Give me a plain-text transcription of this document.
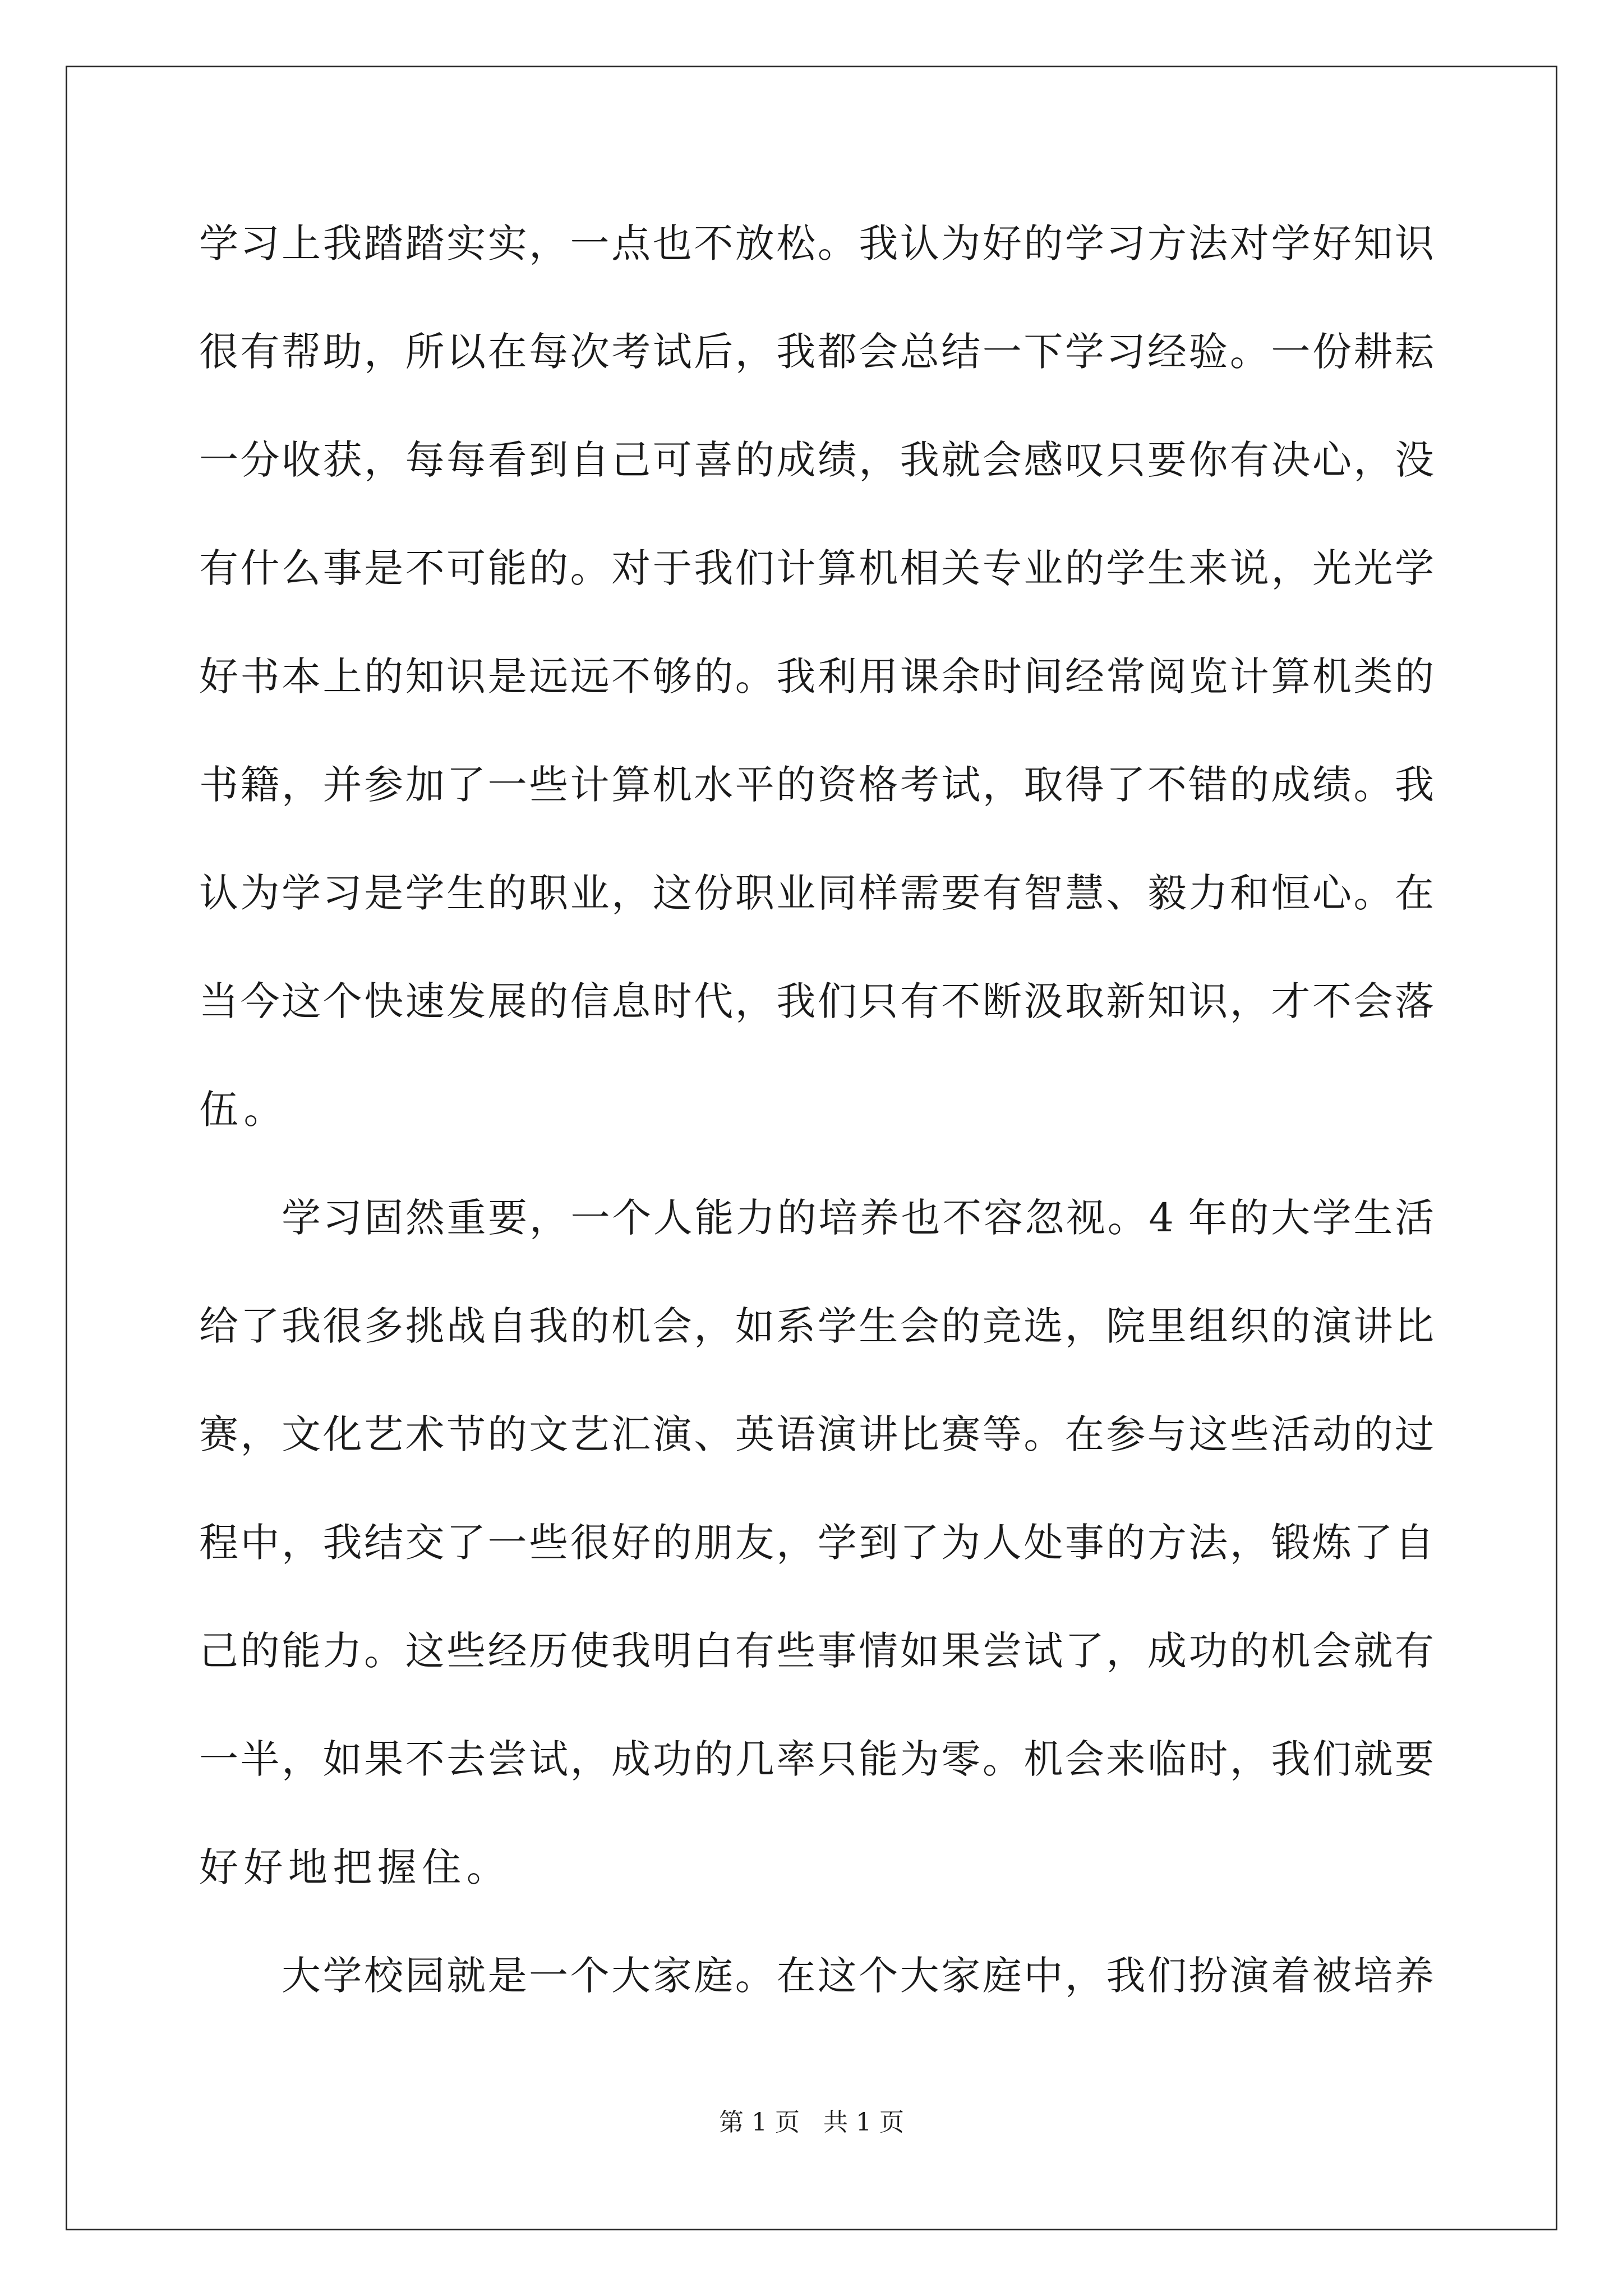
学习上我踏踏实实，一点也不放松。我认为好的学习方法对学好知识
很有帮助，所以在每次考试后，我都会总结一下学习经验。一份耕耘
一分收获，每每看到自己可喜的成绩，我就会感叹只要你有决心，没
有什么事是不可能的。对于我们计算机相关专业的学生来说，光光学
好书本上的知识是远远不够的。我利用课余时间经常阅览计算机类的
书籍，并参加了一些计算机水平的资格考试，取得了不错的成绩。我
认为学习是学生的职业，这份职业同样需要有智慧、毅力和恒心。在
当今这个快速发展的信息时代，我们只有不断汲取新知识，才不会落
伍。
学习固然重要，一个人能力的培养也不容忽视。4 年的大学生活
给了我很多挑战自我的机会，如系学生会的竞选，院里组织的演讲比
赛，文化艺术节的文艺汇演、英语演讲比赛等。在参与这些活动的过
程中，我结交了一些很好的朋友，学到了为人处事的方法，锻炼了自
己的能力。这些经历使我明白有些事情如果尝试了，成功的机会就有
一半，如果不去尝试，成功的几率只能为零。机会来临时，我们就要
好好地把握住。
大学校园就是一个大家庭。在这个大家庭中，我们扮演着被培养
第 1 页   共 1 页
